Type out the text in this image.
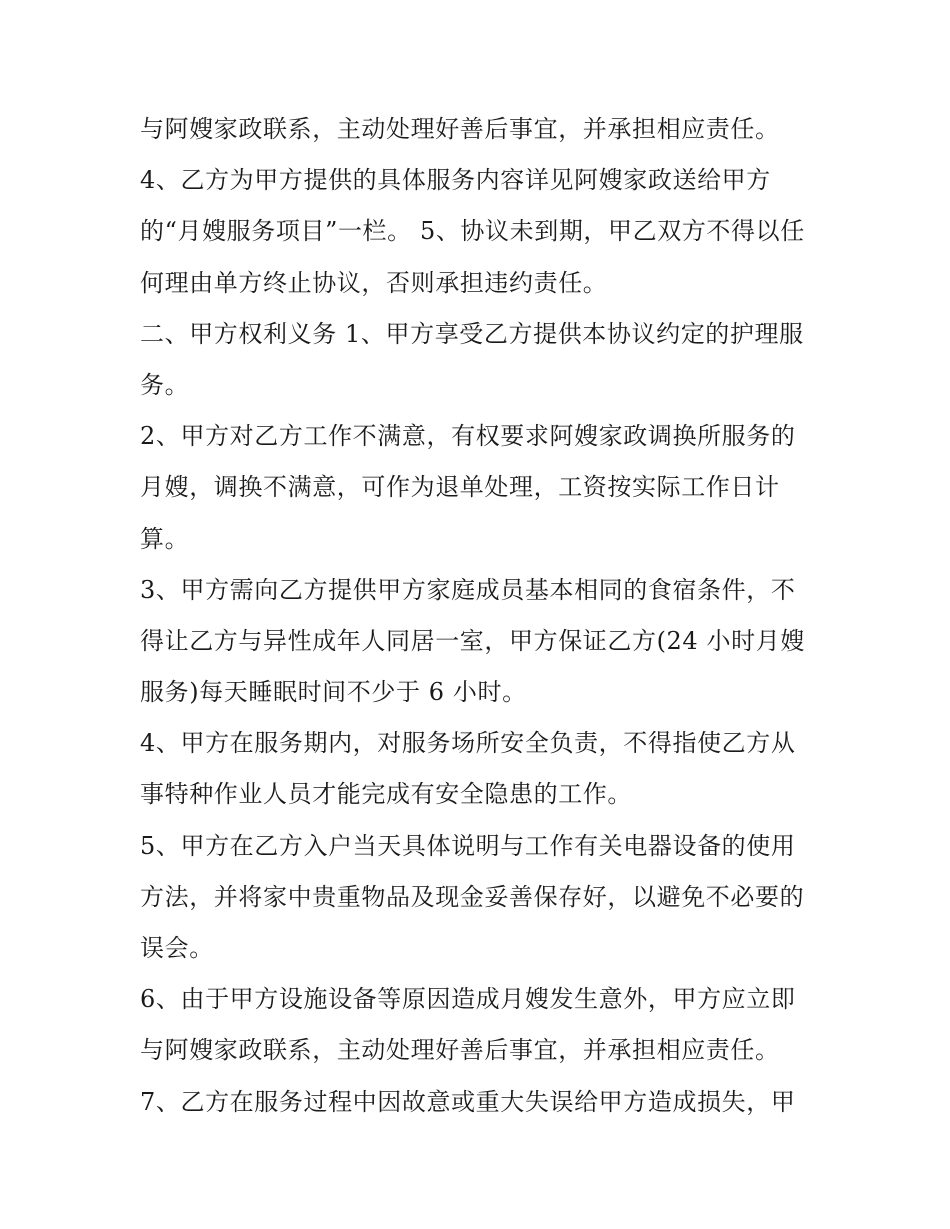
与阿嫂家政联系，主动处理好善后事宜，并承担相应责任。
4、乙方为甲方提供的具体服务内容详见阿嫂家政送给甲方
的“月嫂服务项目”一栏。 5、协议未到期，甲乙双方不得以任
何理由单方终止协议，否则承担违约责任。
二、甲方权利义务 1、甲方享受乙方提供本协议约定的护理服
务。
2、甲方对乙方工作不满意，有权要求阿嫂家政调换所服务的
月嫂，调换不满意，可作为退单处理，工资按实际工作日计
算。
3、甲方需向乙方提供甲方家庭成员基本相同的食宿条件，不
得让乙方与异性成年人同居一室，甲方保证乙方(24 小时月嫂
服务)每天睡眠时间不少于 6 小时。
4、甲方在服务期内，对服务场所安全负责，不得指使乙方从
事特种作业人员才能完成有安全隐患的工作。
5、甲方在乙方入户当天具体说明与工作有关电器设备的使用
方法，并将家中贵重物品及现金妥善保存好，以避免不必要的
误会。
6、由于甲方设施设备等原因造成月嫂发生意外，甲方应立即
与阿嫂家政联系，主动处理好善后事宜，并承担相应责任。
7、乙方在服务过程中因故意或重大失误给甲方造成损失，甲
